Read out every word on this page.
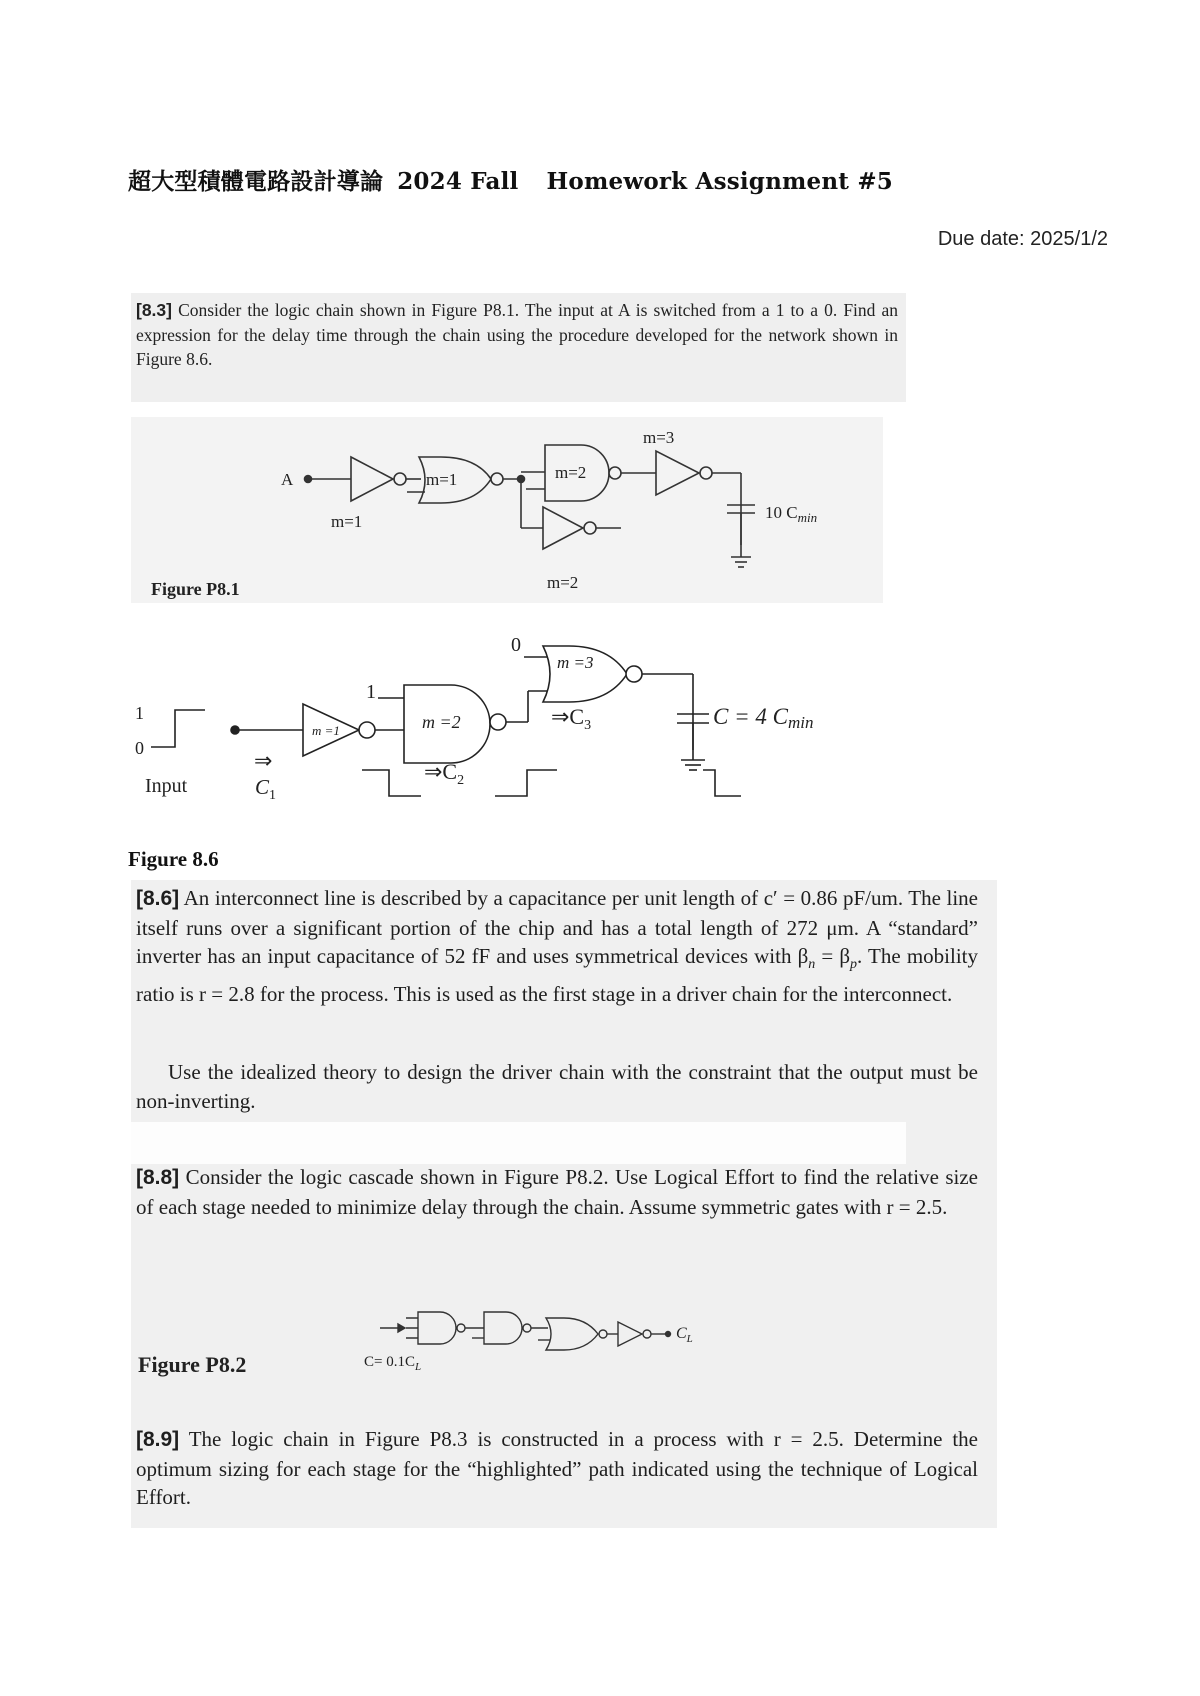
超大型積體電路設計導論 2024 Fall Homework Assignment #5
Due date: 2025/1/2
[8.3] Consider the logic chain shown in Figure P8.1. The input at A is switched from a 1 to a 0. Find an expression for the delay time through the chain using the procedure developed for the network shown in Figure 8.6.
A
m=1
m=1	m=2
m=3
m=2
10 $C_{min}$
Figure P8.1
1
0
Input
⇒
$C_1$
1
0
m =1	m =2
m =3
$\Rightarrow C_2$
$\Rightarrow C_3$	C = 4 Cmin
Figure 8.6
[8.6] An interconnect line is described by a capacitance per unit length of c′ = 0.86 pF/um. The line itself runs over a significant portion of the chip and has a total length of 272 μm. A “standard” inverter has an input capacitance of 52 fF and uses symmetrical devices with $\beta_n = \beta_p$. The mobility ratio is r = 2.8 for the process. This is used as the first stage in a driver chain for the interconnect.
Use the idealized theory to design the driver chain with the constraint that the output must be non-inverting.
[8.8] Consider the logic cascade shown in Figure P8.2. Use Logical Effort to find the relative size of each stage needed to minimize delay through the chain. Assume symmetric gates with r = 2.5.
Figure P8.2
$C_L$
$C= 0.1C_L$
[8.9] The logic chain in Figure P8.3 is constructed in a process with r = 2.5. Determine the optimum sizing for each stage for the “highlighted” path indicated using the technique of Logical Effort.
